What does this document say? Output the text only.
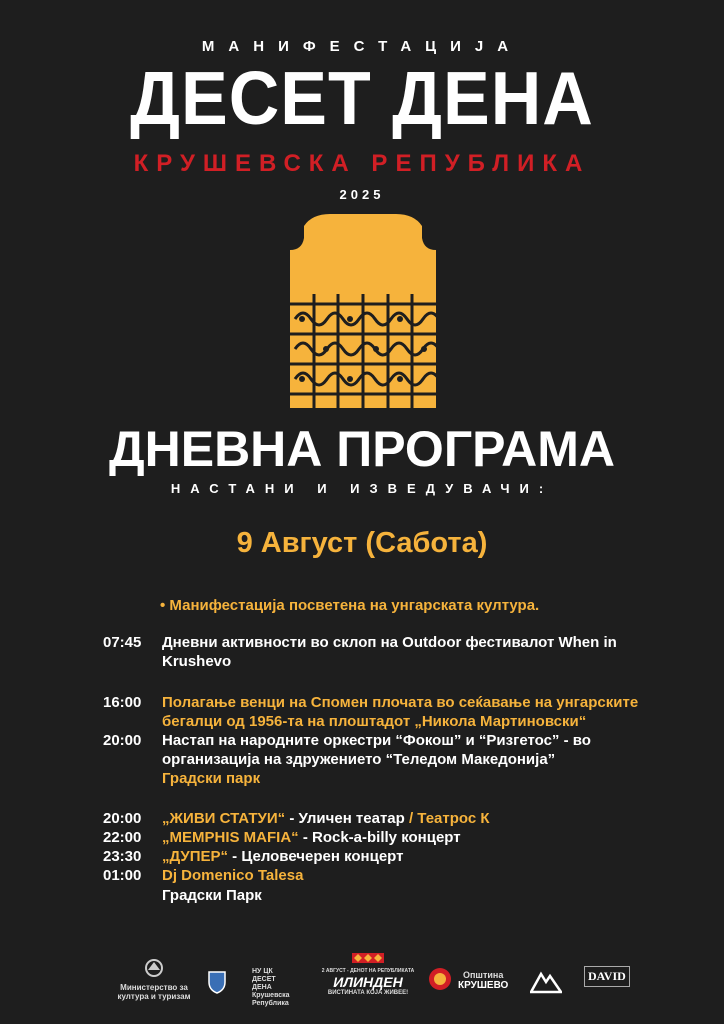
МАНИФЕСТАЦИЈА
ДЕСЕТ ДЕНА
КРУШЕВСКА РЕПУБЛИКА
2025
ДНЕВНА ПРОГРАМА
НАСТАНИ И ИЗВЕДУВАЧИ:
9 Август (Сабота)
• Манифестација посветена на унгарската култура.
07:45	Дневни активности во склоп на Outdoor фестивалот When in
Krushevo
16:00	Полагање венци на Спомен плочата во сеќавање на унгарските
бегалци од 1956-та на плоштадот „Никола Мартиновски“
20:00	Настап на народните оркестри “Фокош” и “Ризгетос” - во
организација на здружението “Теледом Македонија”
Градски парк
20:00	„ЖИВИ СТАТУИ“ - Уличен театар / Театрос К
22:00	„MEMPHIS MAFIA“ - Rock-a-billy концерт
23:30	„ДУПЕР“ - Целовечерен концерт
01:00	Dj Domenico Talesa
Градски Парк
Министерство за култура и туризам
НУ ЦК ДЕСЕТ ДЕНА Крушевска Република
2 АВГУСТ - ДЕНОТ НА РЕПУБЛИКАТА
ИЛИНДЕН
ВИСТИНАТА КОЈА ЖИВЕЕ!
Општина
КРУШЕВО
DAVID
